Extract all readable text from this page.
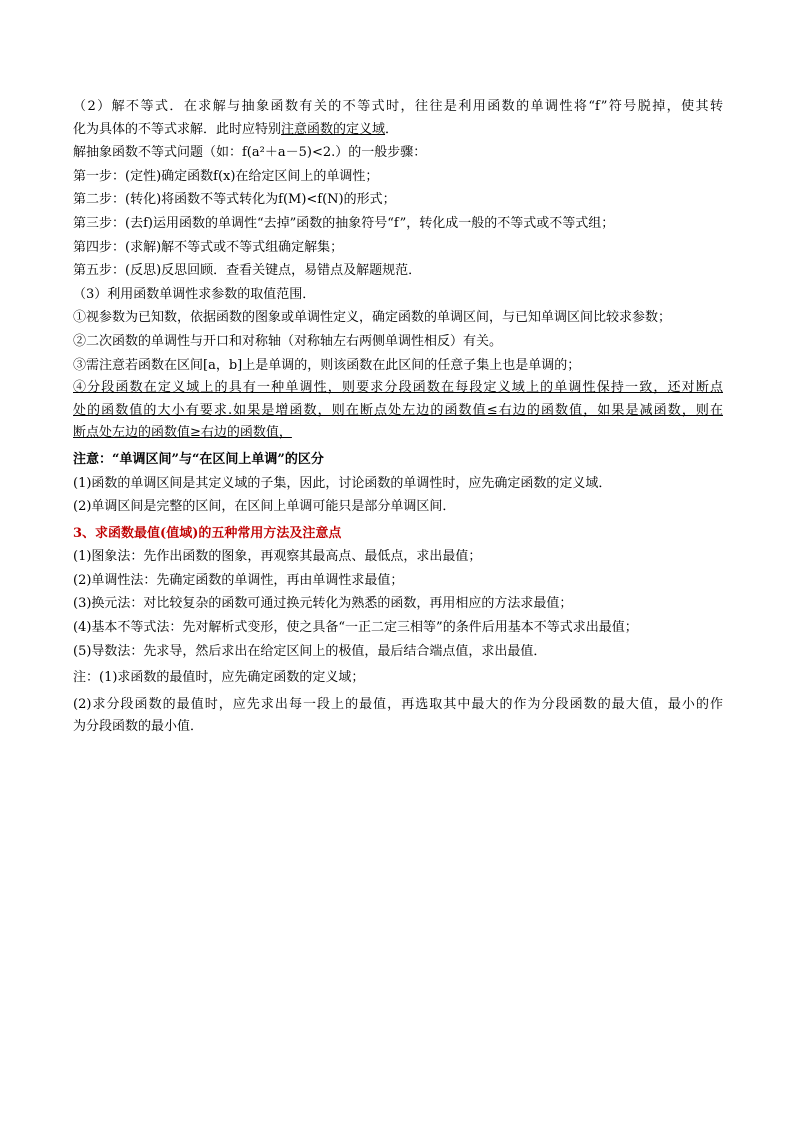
（2）解不等式．在求解与抽象函数有关的不等式时，往往是利用函数的单调性将“f”符号脱掉，使其转
化为具体的不等式求解．此时应特别注意函数的定义域．
解抽象函数不等式问题（如：f(a²＋a－5)<2.）的一般步骤：
第一步：(定性)确定函数f(x)在给定区间上的单调性；
第二步：(转化)将函数不等式转化为f(M)<f(N)的形式；
第三步：(去f)运用函数的单调性“去掉”函数的抽象符号“f”，转化成一般的不等式或不等式组；
第四步：(求解)解不等式或不等式组确定解集；
第五步：(反思)反思回顾．查看关键点，易错点及解题规范．
（3）利用函数单调性求参数的取值范围．
①视参数为已知数，依据函数的图象或单调性定义，确定函数的单调区间，与已知单调区间比较求参数；
②二次函数的单调性与开口和对称轴（对称轴左右两侧单调性相反）有关。
③需注意若函数在区间[a，b]上是单调的，则该函数在此区间的任意子集上也是单调的；
④分段函数在定义域上的具有一种单调性，则要求分段函数在每段定义域上的单调性保持一致，还对断点
处的函数值的大小有要求.如果是增函数，则在断点处左边的函数值≤右边的函数值，如果是减函数，则在
断点处左边的函数值≥右边的函数值，
注意：“单调区间”与“在区间上单调”的区分
(1)函数的单调区间是其定义域的子集，因此，讨论函数的单调性时，应先确定函数的定义域．
(2)单调区间是完整的区间，在区间上单调可能只是部分单调区间．
3、求函数最值(值域)的五种常用方法及注意点
(1)图象法：先作出函数的图象，再观察其最高点、最低点，求出最值；
(2)单调性法：先确定函数的单调性，再由单调性求最值；
(3)换元法：对比较复杂的函数可通过换元转化为熟悉的函数，再用相应的方法求最值；
(4)基本不等式法：先对解析式变形，使之具备“一正二定三相等”的条件后用基本不等式求出最值；
(5)导数法：先求导，然后求出在给定区间上的极值，最后结合端点值，求出最值．
注：(1)求函数的最值时，应先确定函数的定义域；
(2)求分段函数的最值时，应先求出每一段上的最值，再选取其中最大的作为分段函数的最大值，最小的作
为分段函数的最小值．
